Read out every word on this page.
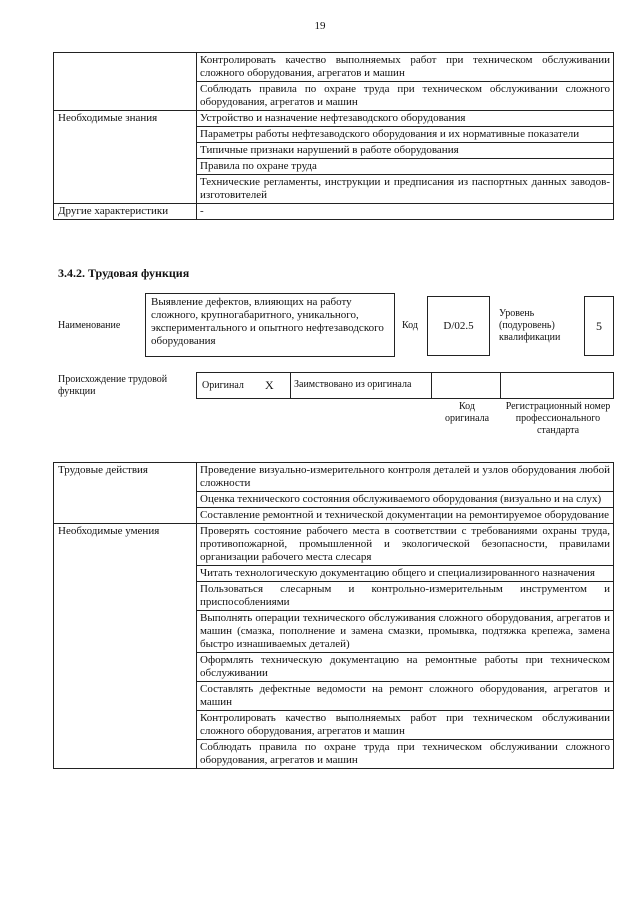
19
	Контролировать качество выполняемых работ при техническом обслуживании сложного оборудования, агрегатов и машин
	Соблюдать правила по охране труда при техническом обслуживании сложного оборудования, агрегатов и машин
Необходимые знания	Устройство и назначение нефтезаводского оборудования
	Параметры работы нефтезаводского оборудования и их нормативные показатели
	Типичные признаки нарушений в работе оборудования
	Правила по охране труда
	Технические регламенты, инструкции и предписания из паспортных данных заводов-изготовителей
Другие характеристики	-
3.4.2. Трудовая функция
Наименование
Выявление дефектов, влияющих на работу сложного, крупногабаритного, уникального, экспериментального и опытного нефтезаводского оборудования
Код D/02.5
Уровень (подуровень) квалификации
5
Происхождение трудовой функции
Оригинал X	Заимствовано из оригинала
Код оригинала
Регистрационный номер профессионального стандарта
Трудовые действия	Проведение визуально-измерительного контроля деталей и узлов оборудования любой сложности
	Оценка технического состояния обслуживаемого оборудования (визуально и на слух)
	Составление ремонтной и технической документации на ремонтируемое оборудование
Необходимые умения	Проверять состояние рабочего места в соответствии с требованиями охраны труда, противопожарной, промышленной и экологической безопасности, правилами организации рабочего места слесаря
	Читать технологическую документацию общего и специализированного назначения
	Пользоваться слесарным и контрольно-измерительным инструментом и приспособлениями
	Выполнять операции технического обслуживания сложного оборудования, агрегатов и машин (смазка, пополнение и замена смазки, промывка, подтяжка крепежа, замена быстро изнашиваемых деталей)
	Оформлять техническую документацию на ремонтные работы при техническом обслуживании
	Составлять дефектные ведомости на ремонт сложного оборудования, агрегатов и машин
	Контролировать качество выполняемых работ при техническом обслуживании сложного оборудования, агрегатов и машин
	Соблюдать правила по охране труда при техническом обслуживании сложного оборудования, агрегатов и машин
